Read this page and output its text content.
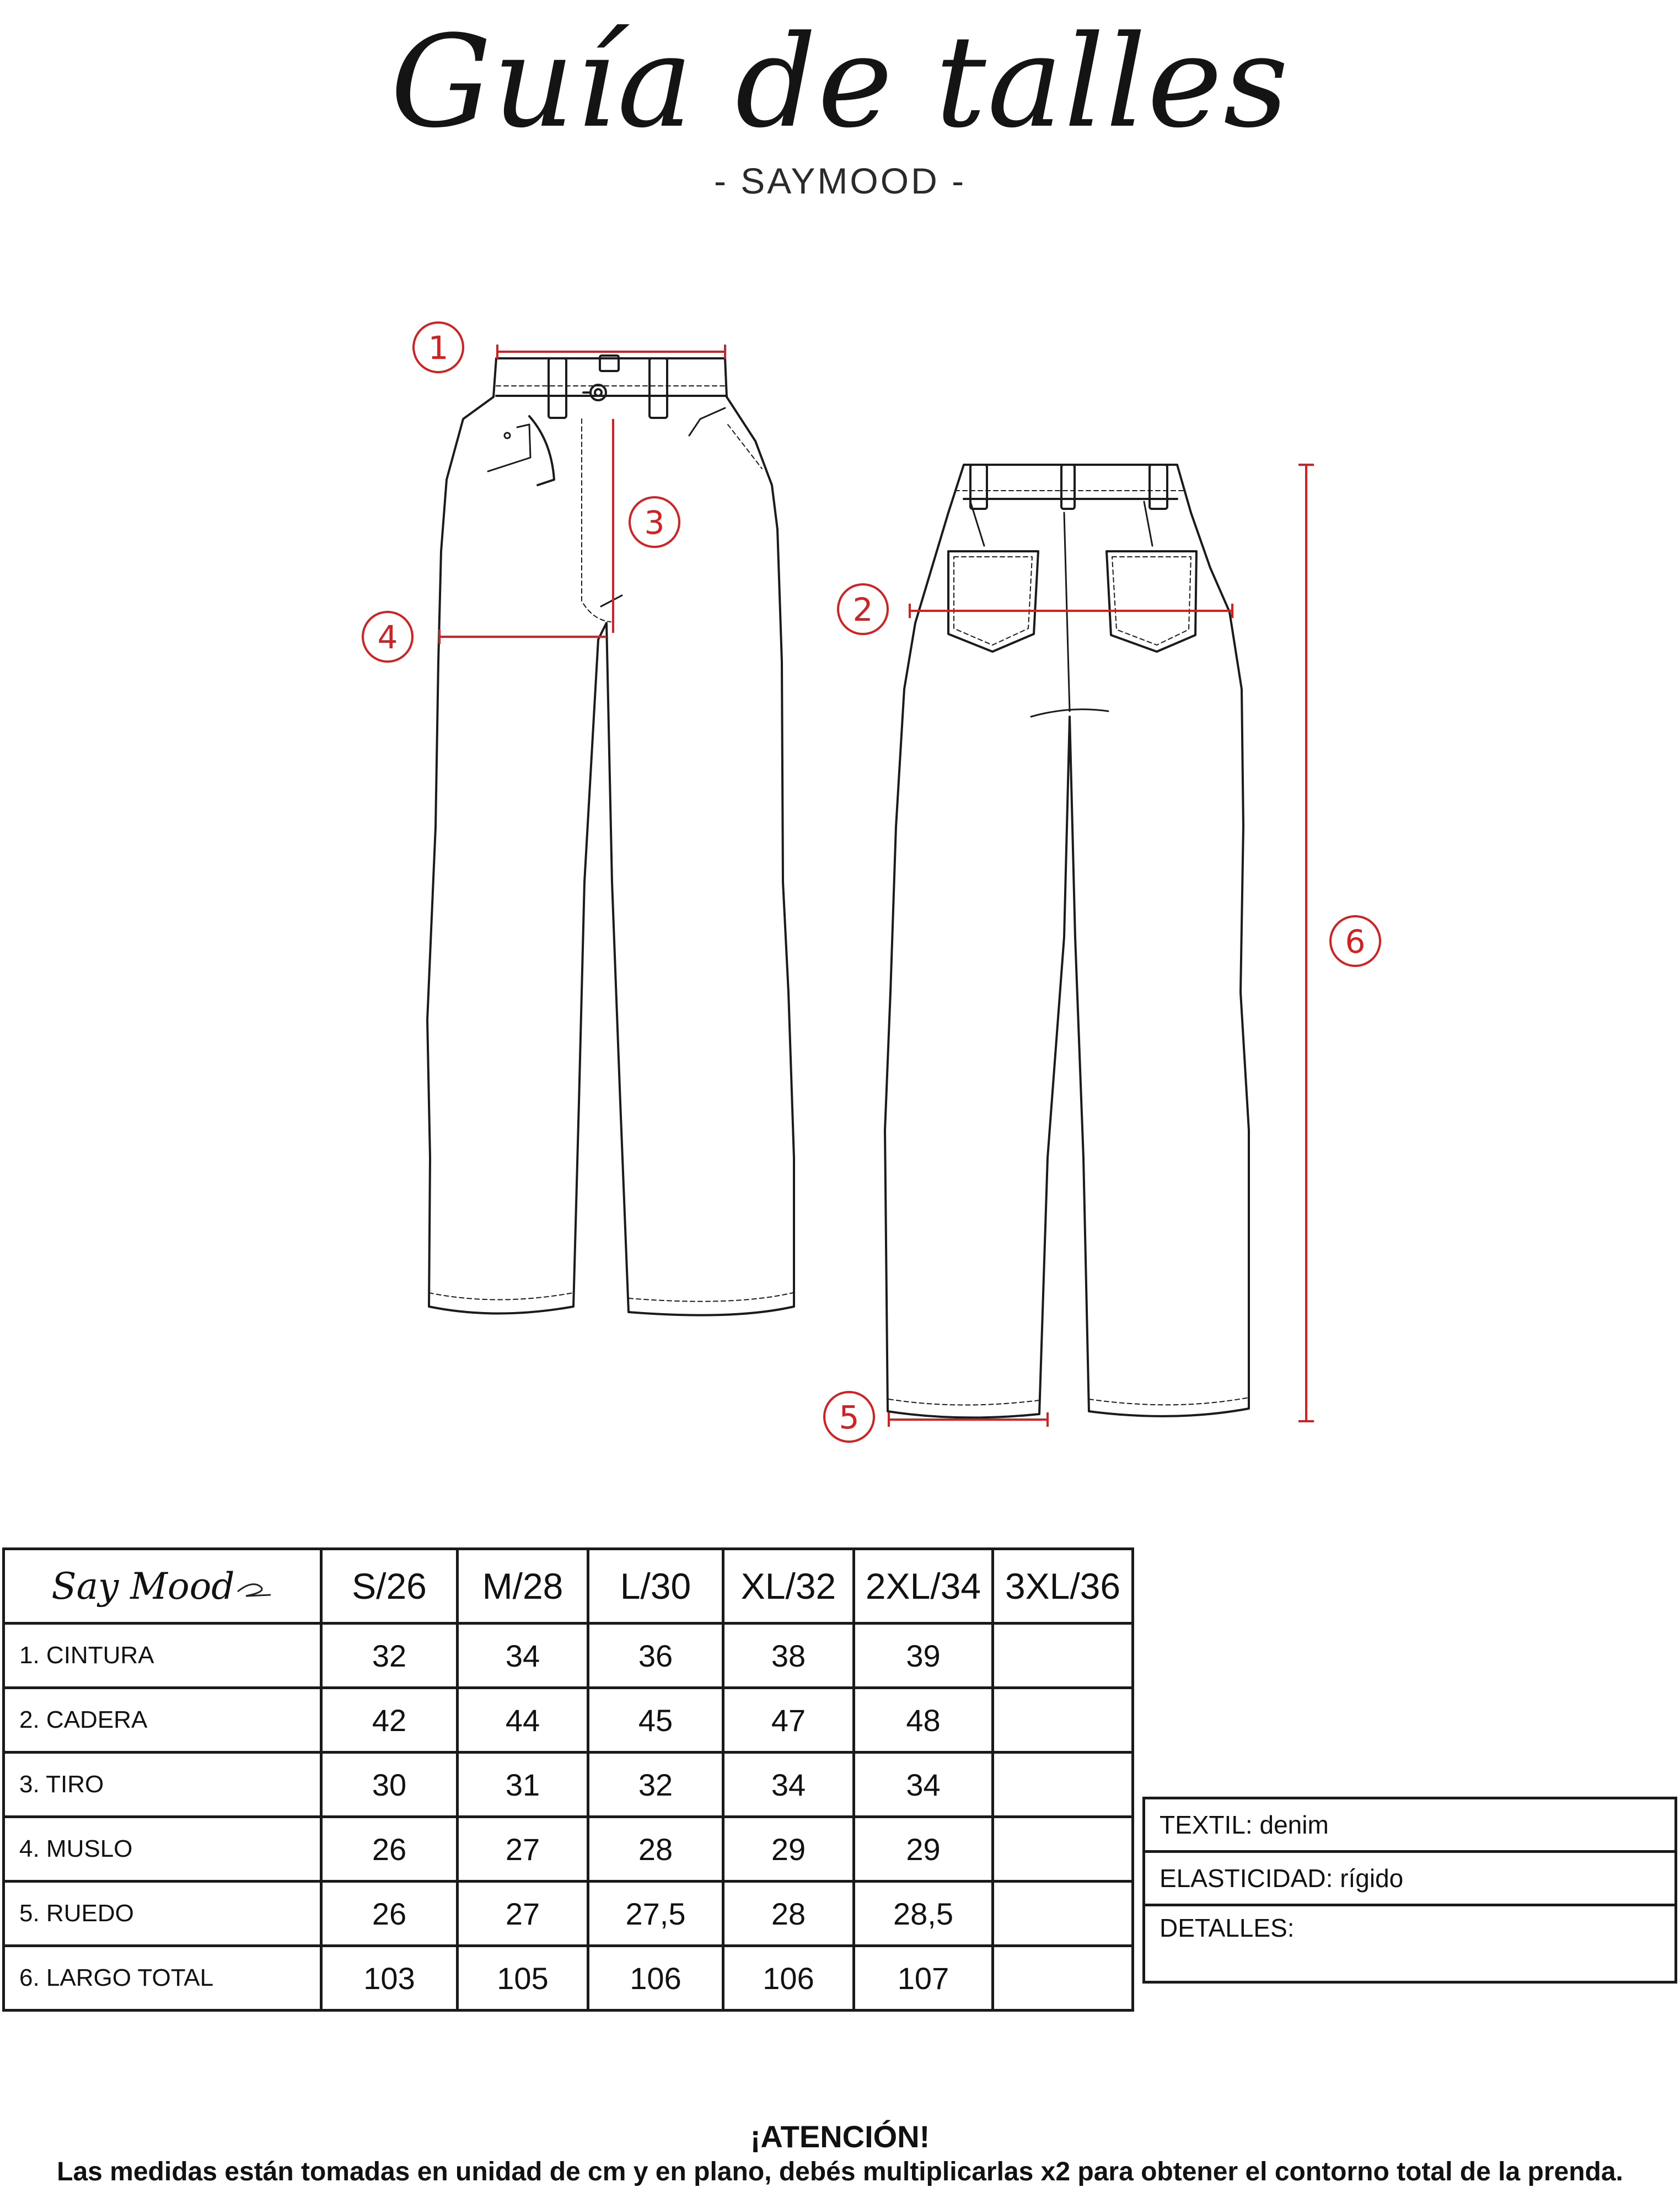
Guía de talles
- SAYMOOD -
1
2
3
4
5
6
Say Mood	S/26	M/28	L/30	XL/32	2XL/34	3XL/36
1. CINTURA	32	34	36	38	39	
2. CADERA	42	44	45	47	48	
3. TIRO	30	31	32	34	34	
4. MUSLO	26	27	28	29	29	
5. RUEDO	26	27	27,5	28	28,5	
6. LARGO TOTAL	103	105	106	106	107	
TEXTIL: denim
ELASTICIDAD: rígido
DETALLES:
¡ATENCIÓN!
Las medidas están tomadas en unidad de cm y en plano, debés multiplicarlas x2 para obtener el contorno total de la prenda.
